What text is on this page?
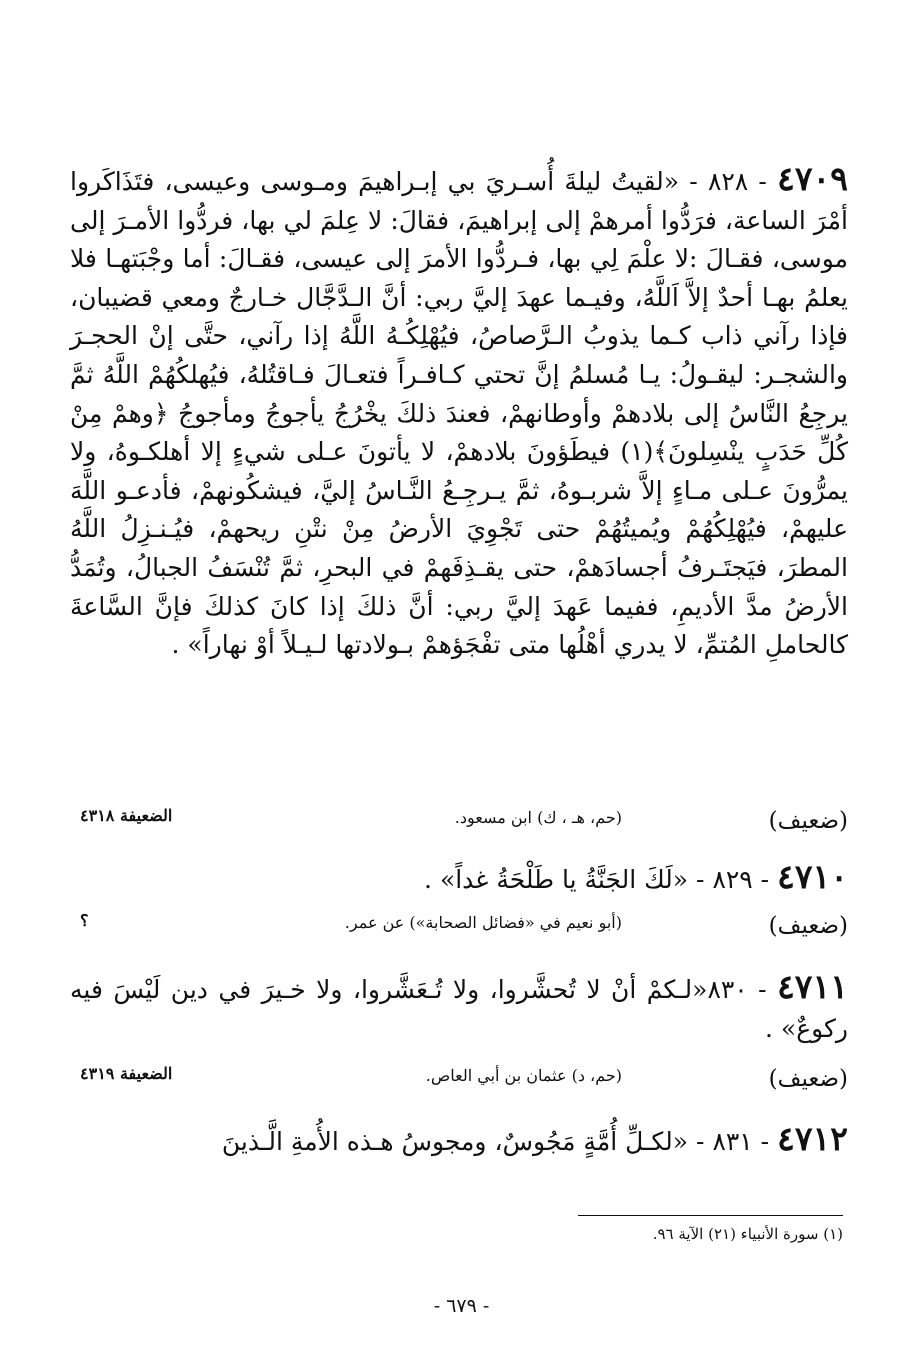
٤٧٠٩ - ٨٢٨ - «لقيتُ ليلةَ أُسـريَ بي إبـراهيمَ ومـوسى وعيسى، فتَذَاكَروا أمْرَ الساعة، فرَدُّوا أمرهمْ إلى إبراهيمَ، فقالَ: لا عِلمَ لي بها، فردُّوا الأمـرَ إلى موسى، فقـالَ :لا علْمَ لِي بها، فـردُّوا الأمرَ إلى عيسى، فقـالَ: أما وجْبَتهـا فلا يعلمُ بهـا أحدٌ إلاَّ اَللَّهُ، وفيـما عهدَ إليَّ ربي: أنَّ الـدَّجَّال خـارجٌ ومعي قضيبان، فإذا رآني ذاب كـما يذوبُ الـرَّصاصُ، فيُهْلِكُـهُ اللَّهُ إذا رآني، حتَّى إنْ الحجـرَ والشجـر: ليقـولُ: يـا مُسلمُ إنَّ تحتي كـافـراً فتعـالَ فـاقتُلهُ، فيُهلكُهُمْ اللَّهُ ثمَّ يرجِعُ النَّاسُ إلى بلادهمْ وأوطانهمْ، فعندَ ذلكَ يخْرُجُ يأجوجُ ومأجوجُ ﴿وهمْ مِنْ كُلِّ حَدَبٍ ينْسِلونَ﴾(١) فيطَؤونَ بلادهمْ، لا يأتونَ عـلى شيءٍ إلا أهلكـوهُ، ولا يمرُّونَ عـلى مـاءٍ إلاَّ شربـوهُ، ثمَّ يـرجِـعُ النَّـاسُ إليَّ، فيشكُونهمْ، فأدعـو اللَّهَ عليهمْ، فيُهْلِكُهُمْ ويُميتُهُمْ حتى تَجْوِيَ الأرضُ مِنْ نتْنِ ريحهمْ، فيُـنـزِلُ اللَّهُ المطرَ، فيَجتَـرفُ أجسادَهمْ، حتى يقـذِفَهمْ في البحرِ، ثمَّ تُنْسَفُ الجبالُ، وتُمَدُّ الأرضُ مدَّ الأديمِ، ففيما عَهدَ إليَّ ربي: أنَّ ذلكَ إذا كانَ كذلكَ فإنَّ السَّاعةَ كالحاملِ المُتمِّ، لا يدري أهْلُها متى تفْجَؤهمْ بـولادتها لـيـلاً أوْ نهاراً» .
(ضعيف)
(حم، هـ ، ك) ابن مسعود.
الضعيفة ٤٣١٨
٤٧١٠ - ٨٢٩ - «لَكَ الجَنَّةُ يا طَلْحَةُ غداً» .
(ضعيف)
(أبو نعيم في «فضائل الصحابة») عن عمر.
؟
٤٧١١ - ٨٣٠«لـكمْ أنْ لا تُحشَّروا، ولا تُـعَشَّروا، ولا خـيرَ في دين لَيْسَ فيه ركوعٌ» .
(ضعيف)
(حم، د) عثمان بن أبي العاص.
الضعيفة ٤٣١٩
٤٧١٢ - ٨٣١ - «لكـلِّ أُمَّةٍ مَجُوسٌ، ومجوسُ هـذه الأُمةِ الَّـذينَ
(١) سورة الأنبياء (٢١) الآية ٩٦.
- ٦٧٩ -
